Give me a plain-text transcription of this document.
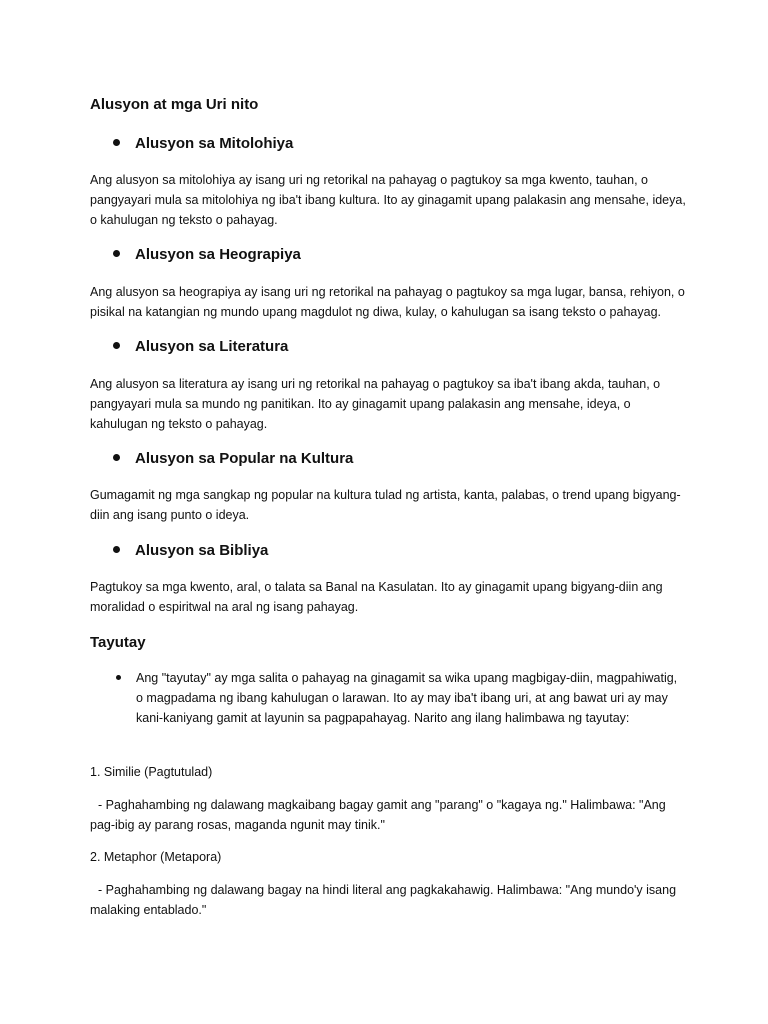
Alusyon at mga Uri nito
Alusyon sa Mitolohiya

Ang alusyon sa mitolohiya ay isang uri ng retorikal na pahayag o pagtukoy sa mga kwento, tauhan, o pangyayari mula sa mitolohiya ng iba't ibang kultura. Ito ay ginagamit upang palakasin ang mensahe, ideya, o kahulugan ng teksto o pahayag.

Alusyon sa Heograpiya

Ang alusyon sa heograpiya ay isang uri ng retorikal na pahayag o pagtukoy sa mga lugar, bansa, rehiyon, o pisikal na katangian ng mundo upang magdulot ng diwa, kulay, o kahulugan sa isang teksto o pahayag.

Alusyon sa Literatura

Ang alusyon sa literatura ay isang uri ng retorikal na pahayag o pagtukoy sa iba't ibang akda, tauhan, o pangyayari mula sa mundo ng panitikan. Ito ay ginagamit upang palakasin ang mensahe, ideya, o kahulugan ng teksto o pahayag.

Alusyon sa Popular na Kultura

Gumagamit ng mga sangkap ng popular na kultura tulad ng artista, kanta, palabas, o trend upang bigyang-diin ang isang punto o ideya.

Alusyon sa Bibliya

Pagtukoy sa mga kwento, aral, o talata sa Banal na Kasulatan. Ito ay ginagamit upang bigyang-diin ang moralidad o espiritwal na aral ng isang pahayag.

Tayutay

Ang "tayutay" ay mga salita o pahayag na ginagamit sa wika upang magbigay-diin, magpahiwatig, o magpadama ng ibang kahulugan o larawan. Ito ay may iba't ibang uri, at ang bawat uri ay may kani-kaniyang gamit at layunin sa pagpapahayag. Narito ang ilang halimbawa ng tayutay:

1. Similie (Pagtutulad)

- Paghahambing ng dalawang magkaibang bagay gamit ang "parang" o "kagaya ng." Halimbawa: "Ang pag-ibig ay parang rosas, maganda ngunit may tinik."

2. Metaphor (Metapora)

- Paghahambing ng dalawang bagay na hindi literal ang pagkakahawig. Halimbawa: "Ang mundo'y isang malaking entablado."
